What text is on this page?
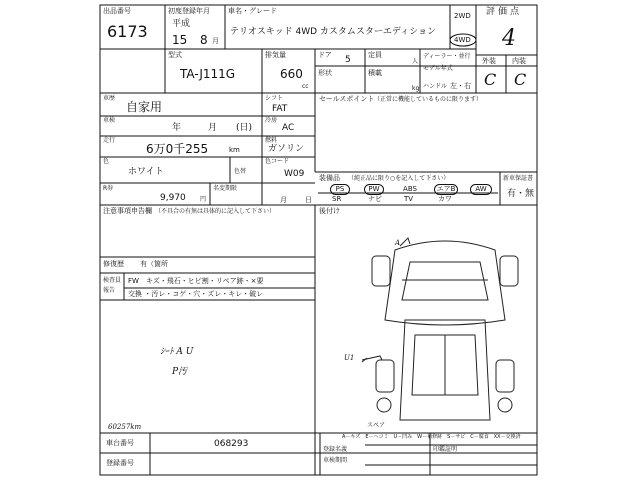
出品番号
6173
初度登録年月
平成
15 8 月
車名・グレード
テリオスキッド 4WD カスタムスターエディション
2WD
4WD
評価点
4
外装 内装
C C
型式
TA-J111G
排気量
660
cc
ドア 5 定員
人
ディーラー・並行
モデル年式
形状	積載
kg ハンドル 左・右
車歴
自家用
シフト
FAT
セールスポイント （正常に機能しているものに限ります）
車検
年	月 (日)
冷房
AC
走行
6万0千255	km
燃料
ガソリン
色
ホワイト	色替
色コード
W09
R券
9,970 円
名変期限
月	日
装備品 （純正品に限り○を記入して下さい）	新車保証書
有・無
PS	PW	ABS	エアB	AW
SR	ナビ	TV	カワ
注意事項申告欄 （不具合の有無は具体的に記入して下さい）	後付け
修復歴 有（箇所
検査員
報告
FW　キズ・飛石・ヒビ割・リペア跡・×要
交換 ・汚レ・コゲ・穴・ズレ・キレ・破レ
ｼｰﾄ A U
P汚
60257km
A
U1
スペア
A－キズ　E－ヘコミ　U－凹み　W－補修跡　S－サビ　C－腐食　XX－交換済
車台番号	068293
登録番号
登録名義	印鑑証明
車検期間
